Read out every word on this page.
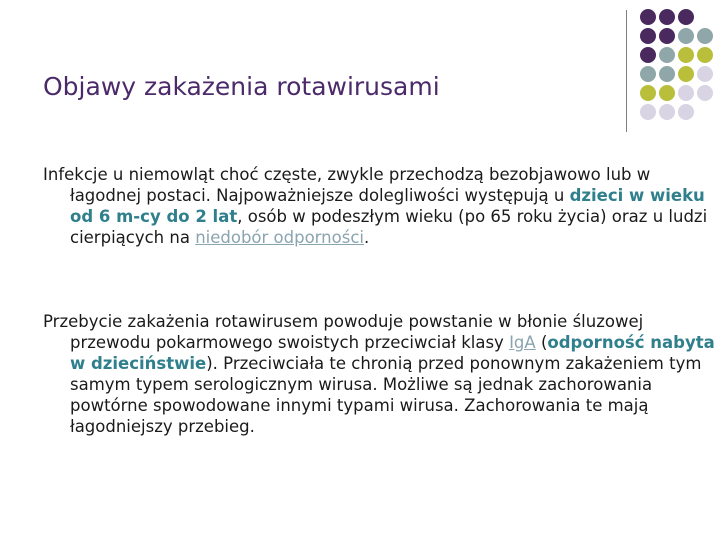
Objawy zakażenia rotawirusami

Infekcje u niemowląt choć częste, zwykle przechodzą bezobjawowo lub w łagodnej postaci. Najpoważniejsze dolegliwości występują u dzieci w wieku od 6 m-cy do 2 lat, osób w podeszłym wieku (po 65 roku życia) oraz u ludzi cierpiących na niedobór odporności.

Przebycie zakażenia rotawirusem powoduje powstanie w błonie śluzowej przewodu pokarmowego swoistych przeciwciał klasy IgA (odporność nabyta w dzieciństwie). Przeciwciała te chronią przed ponownym zakażeniem tym samym typem serologicznym wirusa. Możliwe są jednak zachorowania powtórne spowodowane innymi typami wirusa. Zachorowania te mają łagodniejszy przebieg.
